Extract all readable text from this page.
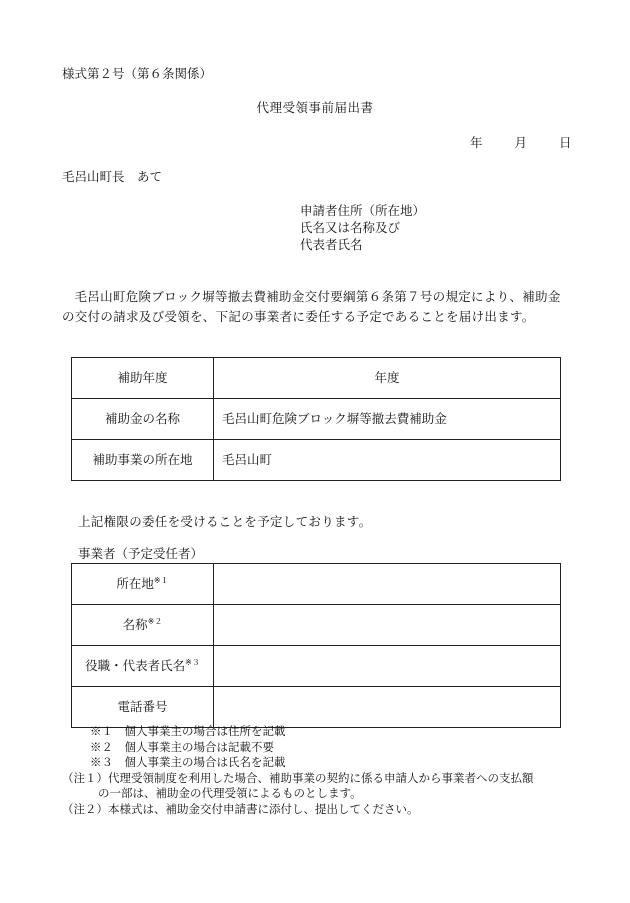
様式第２号（第６条関係）
代理受領事前届出書
年	月	日
毛呂山町長　あて
申請者住所（所在地）
氏名又は名称及び
代表者氏名
毛呂山町危険ブロック塀等撤去費補助金交付要綱第６条第７号の規定により、補助金の交付の請求及び受領を、下記の事業者に委任する予定であることを届け出ます。
補助年度	年度
補助金の名称	毛呂山町危険ブロック塀等撤去費補助金
補助事業の所在地	毛呂山町
上記権限の委任を受けることを予定しております。
事業者（予定受任者）
所在地$^{※1}$	
名称$^{※2}$	
役職・代表者氏名$^{※3}$	
電話番号	
※１　個人事業主の場合は住所を記載
※２　個人事業主の場合は記載不要
※３　個人事業主の場合は氏名を記載
（注１）代理受領制度を利用した場合、補助事業の契約に係る申請人から事業者への支払額
の一部は、補助金の代理受領によるものとします。
（注２）本様式は、補助金交付申請書に添付し、提出してください。
